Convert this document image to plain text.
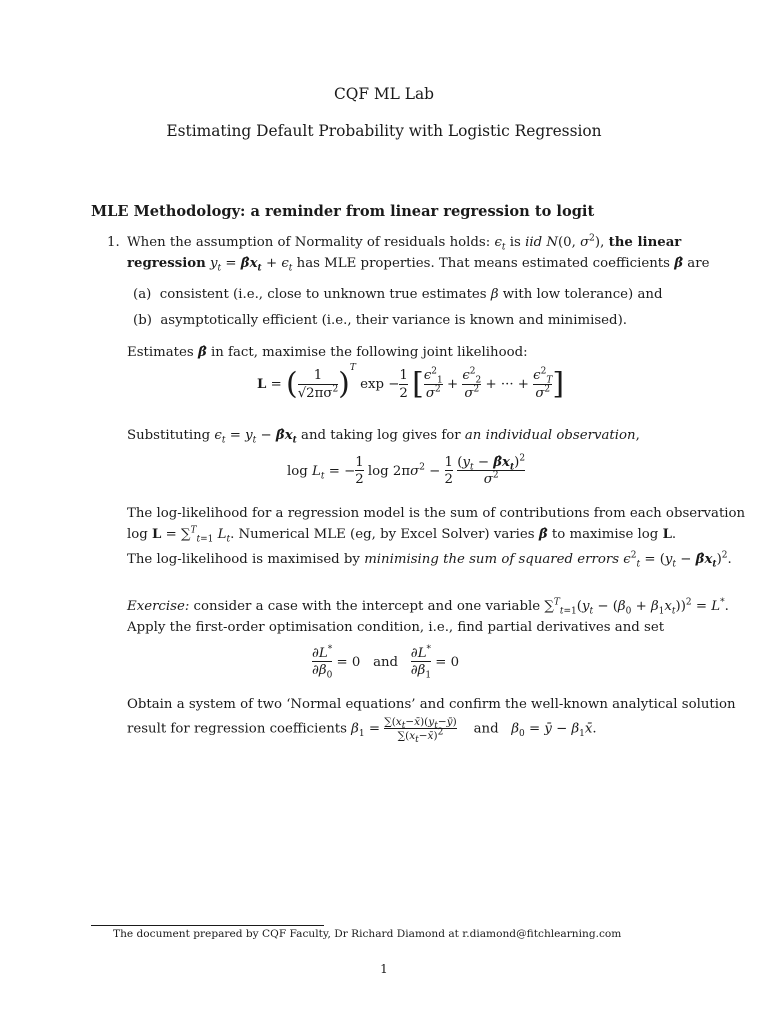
CQF ML Lab
Estimating Default Probability with Logistic Regression
MLE Methodology: a reminder from linear regression to logit
1. When the assumption of Normality of residuals holds: $\epsilon_t$ is iid N(0, $\sigma^2$), the linear
regression $y_t$ = $\betâx_t + \epsilon_t$ has MLE properties. That means estimated coefficients β̂ are
(a) consistent (i.e., close to unknown true estimates β with low tolerance) and
(b) asymptotically efficient (i.e., their variance is known and minimised).
Estimates β̂ in fact, maximise the following joint likelihood:
L = ( $\frac{1}{√2\pi\sigma^2} )^T$ $\exp - \frac{1}{2}$ [ $\frac{\epsilon^2_1}{\sigma^2} + \frac{\epsilon^2_2}{\sigma^2}$ + ··· + $\frac{\epsilon^2_T}{\sigma^2}$ ]
Substituting $\epsilon_t = y_t$ − $\betâx_t$ and taking log gives for an individual observation,
$\log L_t$ = − $\frac{1}{2}$ $\log 2\pi\sigma^2 - \frac{1}{2}$
$\frac{(y_t - \betâx_t)^2}{\sigma^2}$
The log-likelihood for a regression model is the sum of contributions from each observation
log L = ∑$^T_{t=1}$ $L_t$. Numerical MLE (eg, by Excel Solver) varies β̂ to maximise log L.
The log-likelihood is maximised by minimising the sum of squared errors $\epsilon^2_t = (y_t$ − $\betâx_t)^2$.
Exercise: consider a case with the intercept and one variable $\sum^T_{t=1}(y_t - (\beta_0 + \beta_1x_t))^2 = L^*$.
Apply the first-order optimisation condition, i.e., find partial derivatives and set
$\frac{\partial L^*}{\partial\beta_0} = 0$   and $\frac{\partial L^*}{\partial\beta_1} = 0$
Obtain a system of two ‘Normal equations’ and confirm the well-known analytical solution
result for regression coefficients $\beta_1 = \frac{\sum(x_t-x̄)(y_t-ȳ)}{\sum(x_t-x̄)^2}$ and $\beta_0$ = ȳ − $\beta_1x̄$.
The document prepared by CQF Faculty, Dr Richard Diamond at r.diamond@fitchlearning.com
1
